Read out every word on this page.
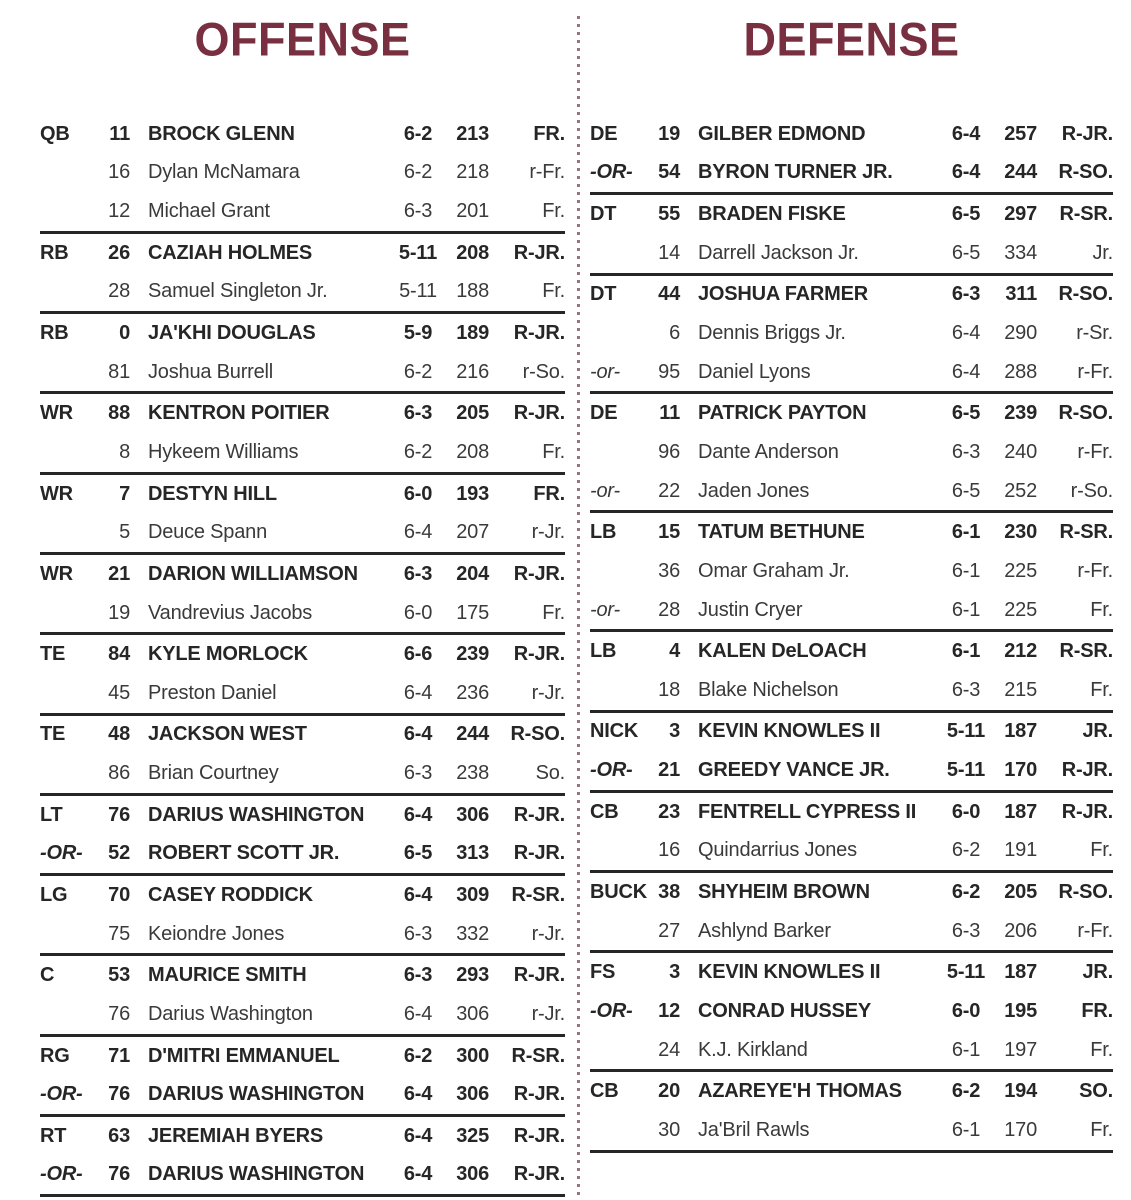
OFFENSE	DEFENSE
QB	11 BROCK GLENN	6-2	213	FR.
16 Dylan McNamara	6-2	218	r-Fr.
12 Michael Grant	6-3	201	Fr.
RB	26 CAZIAH HOLMES	5-11 208	R-JR.
28 Samuel Singleton Jr.	5-11 188	Fr.
RB	0 JA'KHI DOUGLAS	5-9	189	R-JR.
81 Joshua Burrell	6-2	216	r-So.
WR	88 KENTRON POITIER	6-3	205	R-JR.
8 Hykeem Williams	6-2	208	Fr.
WR	7 DESTYN HILL	6-0	193	FR.
5 Deuce Spann	6-4	207	r-Jr.
WR	21 DARION WILLIAMSON	6-3	204	R-JR.
19 Vandrevius Jacobs	6-0	175	Fr.
TE	84 KYLE MORLOCK	6-6	239	R-JR.
45 Preston Daniel	6-4	236	r-Jr.
TE	48 JACKSON WEST	6-4	244	R-SO.
86 Brian Courtney	6-3	238	So.
LT	76 DARIUS WASHINGTON	6-4	306	R-JR.
-OR-	52 ROBERT SCOTT JR.	6-5	313	R-JR.
LG	70 CASEY RODDICK	6-4	309	R-SR.
75 Keiondre Jones	6-3	332	r-Jr.
C	53 MAURICE SMITH	6-3	293	R-JR.
76 Darius Washington	6-4	306	r-Jr.
RG	71 D'MITRI EMMANUEL	6-2	300	R-SR.
-OR-	76 DARIUS WASHINGTON	6-4	306	R-JR.
RT	63 JEREMIAH BYERS	6-4	325	R-JR.
-OR-	76 DARIUS WASHINGTON	6-4	306	R-JR.
DE	19 GILBER EDMOND	6-4	257	R-JR.
-OR-	54 BYRON TURNER JR.	6-4	244	R-SO.
DT	55 BRADEN FISKE	6-5	297	R-SR.
14 Darrell Jackson Jr.	6-5	334	Jr.
DT	44 JOSHUA FARMER	6-3	311	R-SO.
6 Dennis Briggs Jr.	6-4	290	r-Sr.
-or-	95 Daniel Lyons	6-4	288	r-Fr.
DE	11 PATRICK PAYTON	6-5	239	R-SO.
96 Dante Anderson	6-3	240	r-Fr.
-or-	22 Jaden Jones	6-5	252	r-So.
LB	15 TATUM BETHUNE	6-1	230	R-SR.
36 Omar Graham Jr.	6-1	225	r-Fr.
-or-	28 Justin Cryer	6-1	225	Fr.
LB	4 KALEN DeLOACH	6-1	212	R-SR.
18 Blake Nichelson	6-3	215	Fr.
NICK	3 KEVIN KNOWLES II	5-11 187	JR.
-OR-	21 GREEDY VANCE JR.	5-11 170	R-JR.
CB	23 FENTRELL CYPRESS II	6-0	187	R-JR.
16 Quindarrius Jones	6-2	191	Fr.
BUCK 38 SHYHEIM BROWN	6-2	205	R-SO.
27 Ashlynd Barker	6-3	206	r-Fr.
FS	3 KEVIN KNOWLES II	5-11 187	JR.
-OR-	12 CONRAD HUSSEY	6-0	195	FR.
24 K.J. Kirkland	6-1	197	Fr.
CB	20 AZAREYE'H THOMAS	6-2	194	SO.
30 Ja'Bril Rawls	6-1	170	Fr.
